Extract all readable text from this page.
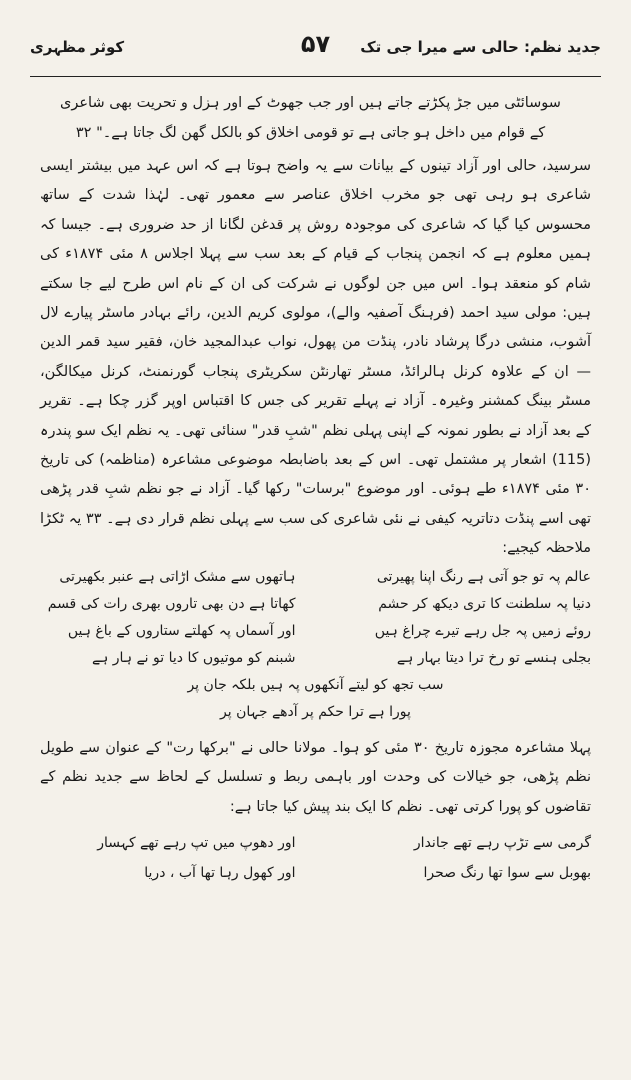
کوثر مظہری	۵۷	جدید نظم: حالی سے میرا جی تک
سوسائٹی میں جڑ پکڑتے جاتے ہیں اور جب جھوٹ کے اور ہزل و تحریت بھی شاعری
کے قوام میں داخل ہو جاتی ہے تو قومی اخلاق کو بالکل گھن لگ جاتا ہے۔" ۳۲

سرسید، حالی اور آزاد تینوں کے بیانات سے یہ واضح ہوتا ہے کہ اس عہد میں بیشتر ایسی شاعری ہو رہی تھی جو مخرب اخلاق عناصر سے معمور تھی۔ لہٰذا شدت کے ساتھ محسوس کیا گیا کہ شاعری کی موجودہ روش پر قدغن لگانا از حد ضروری ہے۔ جیسا کہ ہمیں معلوم ہے کہ انجمن پنجاب کے قیام کے بعد سب سے پہلا اجلاس ۸ مئی ۱۸۷۴ء کی شام کو منعقد ہوا۔ اس میں جن لوگوں نے شرکت کی ان کے نام اس طرح لیے جا سکتے ہیں: مولی سید احمد (فرہنگ آصفیہ والے)، مولوی کریم الدین، رائے بہادر ماسٹر پیارے لال آشوب، منشی درگا پرشاد نادر، پنڈت من پھول، نواب عبدالمجید خان، فقیر سید قمر الدین — ان کے علاوہ کرنل ہالرائڈ، مسٹر تھارنٹن سکریٹری پنجاب گورنمنٹ، کرنل میکالگن، مسٹر بینگ کمشنر وغیرہ۔ آزاد نے پہلے تقریر کی جس کا اقتباس اوپر گزر چکا ہے۔ تقریر کے بعد آزاد نے بطور نمونہ کے اپنی پہلی نظم "شبِ قدر" سنائی تھی۔ یہ نظم ایک سو پندرہ (115) اشعار پر مشتمل تھی۔ اس کے بعد باضابطہ موضوعی مشاعرہ (مناظمہ) کی تاریخ ۳۰ مئی ۱۸۷۴ء طے ہوئی۔ اور موضوع "برسات" رکھا گیا۔ آزاد نے جو نظم شبِ قدر پڑھی تھی اسے پنڈت دتاتریہ کیفی نے نئی شاعری کی سب سے پہلی نظم قرار دی ہے۔ ۳۳ یہ ٹکڑا ملاحظہ کیجیے:

عالم پہ تو جو آتی ہے رنگ اپنا پھیرتی
ہاتھوں سے مشک اڑاتی ہے عنبر بکھیرتی
دنیا پہ سلطنت کا تری دیکھ کر حشم
کھاتا ہے دن بھی تاروں بھری رات کی قسم
روئے زمیں پہ جل رہے تیرے چراغ ہیں
اور آسماں پہ کھلتے ستاروں کے باغ ہیں
بجلی ہنسے تو رخ ترا دیتا بہار ہے
شبنم کو موتیوں کا دیا تو نے ہار ہے
سب تجھ کو لیتے آنکھوں پہ ہیں بلکہ جان پر
پورا ہے ترا حکم پر آدھے جہان پر

پہلا مشاعرہ مجوزہ تاریخ ۳۰ مئی کو ہوا۔ مولانا حالی نے "برکھا رت" کے عنوان سے طویل نظم پڑھی، جو خیالات کی وحدت اور باہمی ربط و تسلسل کے لحاظ سے جدید نظم کے تقاضوں کو پورا کرتی تھی۔ نظم کا ایک بند پیش کیا جاتا ہے:

گرمی سے تڑپ رہے تھے جاندار
اور دھوپ میں تپ رہے تھے کہسار
بھوبل سے سوا تھا رنگ صحرا
اور کھول رہا تھا آب ، دریا
